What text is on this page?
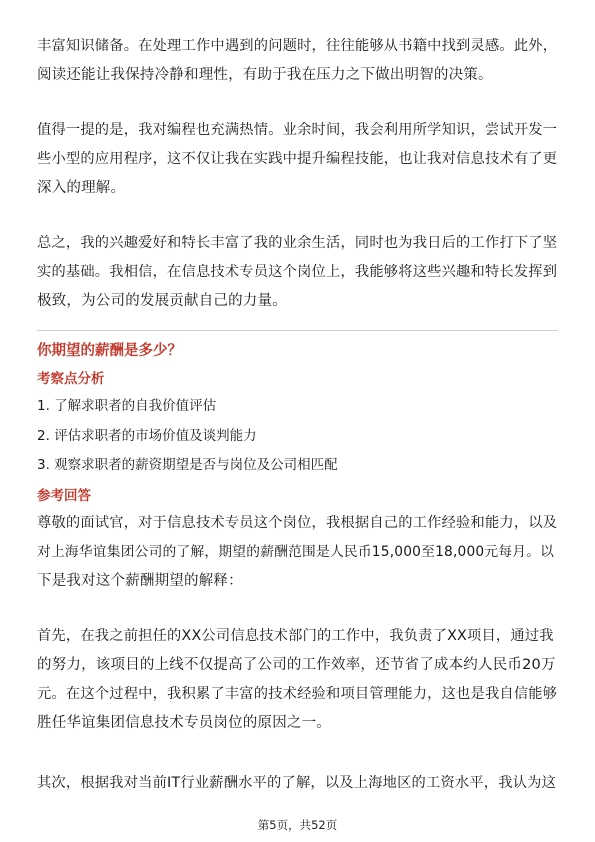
丰富知识储备。在处理工作中遇到的问题时，往往能够从书籍中找到灵感。此外，
阅读还能让我保持冷静和理性，有助于我在压力之下做出明智的决策。
值得一提的是，我对编程也充满热情。业余时间，我会利用所学知识，尝试开发一
些小型的应用程序，这不仅让我在实践中提升编程技能，也让我对信息技术有了更
深入的理解。
总之，我的兴趣爱好和特长丰富了我的业余生活，同时也为我日后的工作打下了坚
实的基础。我相信，在信息技术专员这个岗位上，我能够将这些兴趣和特长发挥到
极致，为公司的发展贡献自己的力量。

你期望的薪酬是多少？

考察点分析

1. 了解求职者的自我价值评估

2. 评估求职者的市场价值及谈判能力

3. 观察求职者的薪资期望是否与岗位及公司相匹配

参考回答

尊敬的面试官，对于信息技术专员这个岗位，我根据自己的工作经验和能力，以及
对上海华谊集团公司的了解，期望的薪酬范围是人民币15,000至18,000元每月。以
下是我对这个薪酬期望的解释：
首先，在我之前担任的XX公司信息技术部门的工作中，我负责了XX项目，通过我
的努力，该项目的上线不仅提高了公司的工作效率，还节省了成本约人民币20万
元。在这个过程中，我积累了丰富的技术经验和项目管理能力，这也是我自信能够
胜任华谊集团信息技术专员岗位的原因之一。
其次，根据我对当前IT行业薪酬水平的了解，以及上海地区的工资水平，我认为这
第5页，共52页
